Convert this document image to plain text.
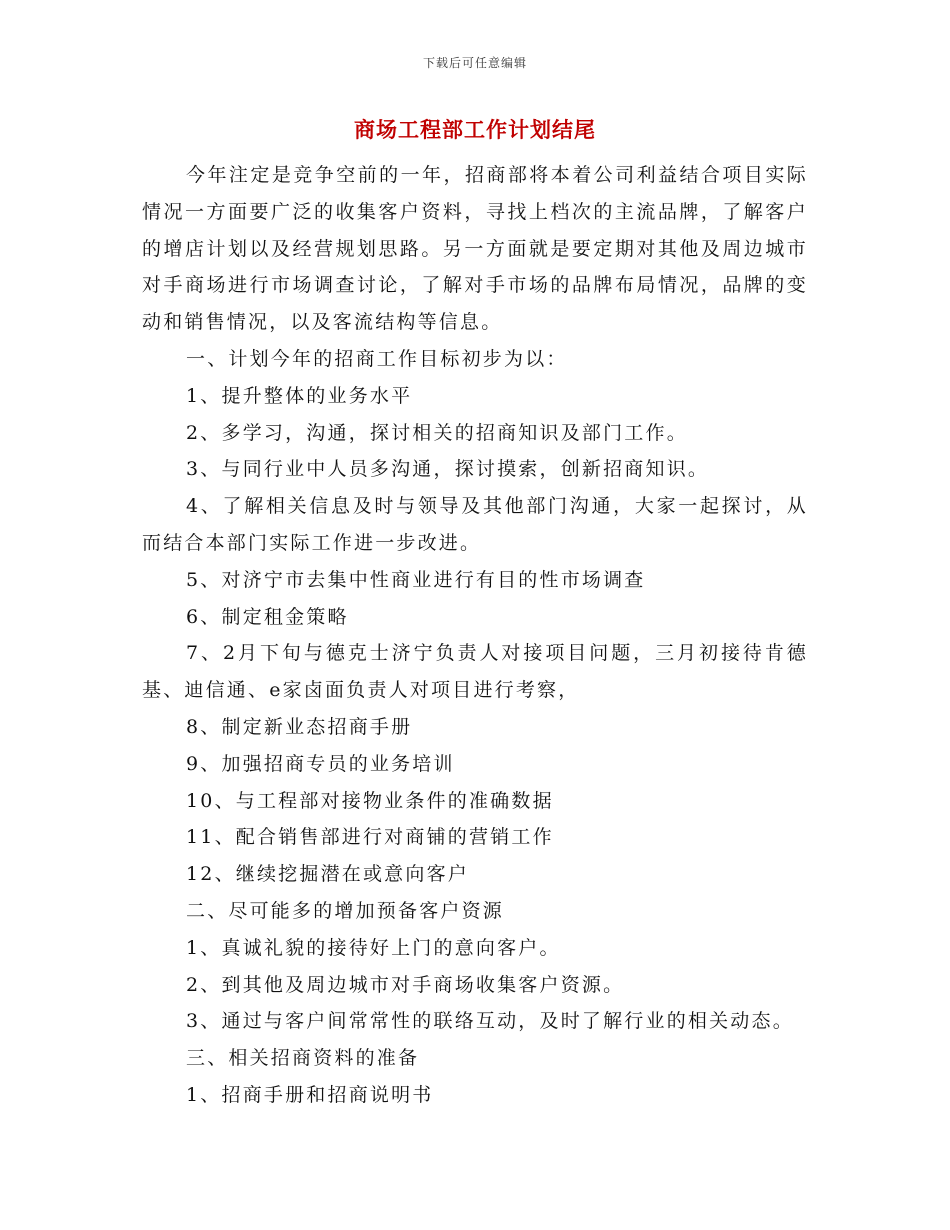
下载后可任意编辑
商场工程部工作计划结尾

今年注定是竞争空前的一年，招商部将本着公司利益结合项目实际情况一方面要广泛的收集客户资料，寻找上档次的主流品牌，了解客户的增店计划以及经营规划思路。另一方面就是要定期对其他及周边城市对手商场进行市场调查讨论，了解对手市场的品牌布局情况，品牌的变动和销售情况，以及客流结构等信息。

一、计划今年的招商工作目标初步为以：

1、提升整体的业务水平

2、多学习，沟通，探讨相关的招商知识及部门工作。

3、与同行业中人员多沟通，探讨摸索，创新招商知识。

4、了解相关信息及时与领导及其他部门沟通，大家一起探讨，从而结合本部门实际工作进一步改进。

5、对济宁市去集中性商业进行有目的性市场调查

6、制定租金策略

7、2月下旬与德克士济宁负责人对接项目问题，三月初接待肯德基、迪信通、e家卤面负责人对项目进行考察，

8、制定新业态招商手册

9、加强招商专员的业务培训

10、与工程部对接物业条件的准确数据

11、配合销售部进行对商铺的营销工作

12、继续挖掘潜在或意向客户

二、尽可能多的增加预备客户资源

1、真诚礼貌的接待好上门的意向客户。

2、到其他及周边城市对手商场收集客户资源。

3、通过与客户间常常性的联络互动，及时了解行业的相关动态。

三、相关招商资料的准备

1、招商手册和招商说明书
